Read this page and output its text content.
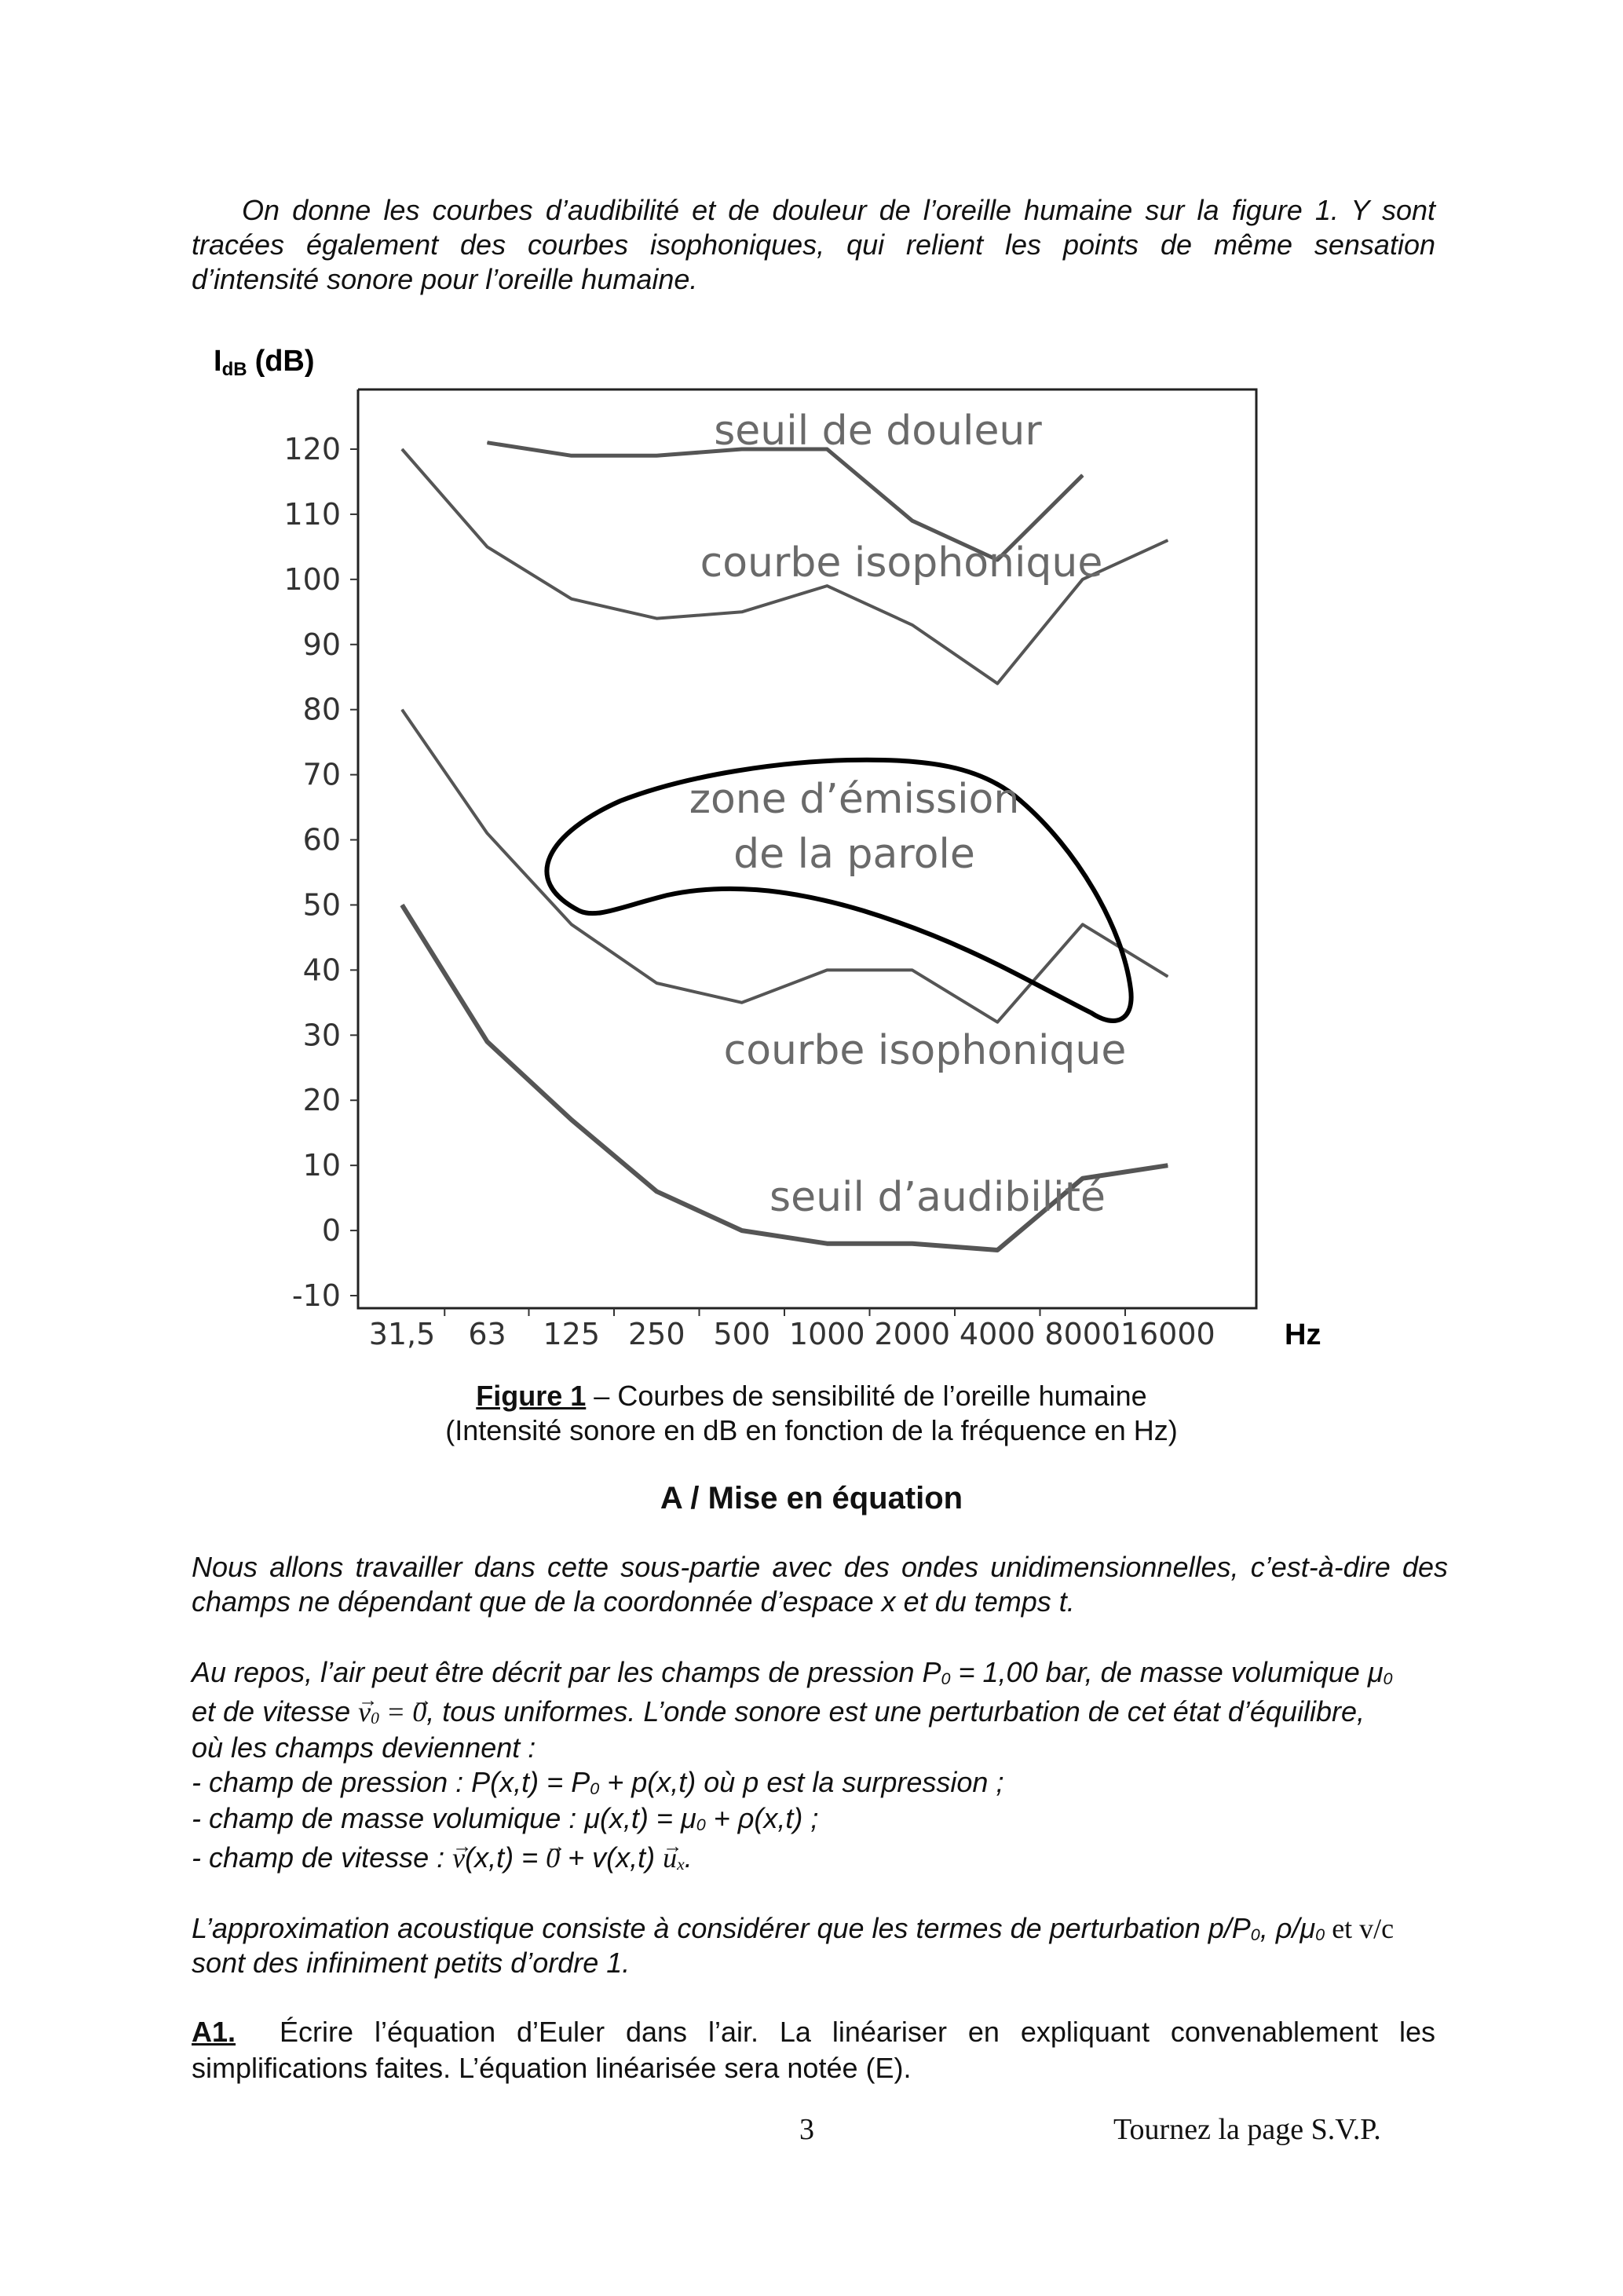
On donne les courbes d’audibilité et de douleur de l’oreille humaine sur la figure 1. Y sont
tracées également des courbes isophoniques, qui relient les points de même sensation
d’intensité sonore pour l’oreille humaine.
IdB (dB)
Hz
120
110
100
90
80
70
60
50
40
30
20
10
0
-10
31,5 63 125 250 500 1000 2000 4000 8000 16000
seuil de douleur
courbe isophonique
zone d’émission
de la parole
courbe isophonique
seuil d’audibilité
Figure 1 – Courbes de sensibilité de l’oreille humaine
(Intensité sonore en dB en fonction de la fréquence en Hz)
A / Mise en équation
Nous allons travailler dans cette sous-partie avec des ondes unidimensionnelles, c’est-à-dire des
champs ne dépendant que de la coordonnée d’espace x et du temps t.
Au repos, l’air peut être décrit par les champs de pression $P_0 = 1,00$ bar, de masse volumique $\mu_0$
et de vitesse → $v_0$ = → 0, tous uniformes. L’onde sonore est une perturbation de cet état d’équilibre,
où les champs deviennent :
- champ de pression : $P(x,t) = P_0 + p(x,t)$ où p est la surpression ;
- champ de masse volumique : $\mu(x,t) = \mu_0 + \rho(x,t)$ ;
- champ de vitesse : → v(x,t) = → $0 + v(x,t) \to u_x$.
L’approximation acoustique consiste à considérer que les termes de perturbation $p/P_0$, $\rho/\mu_0$ et v/c
sont des infiniment petits d’ordre 1.
A1. Écrire l’équation d’Euler dans l’air. La linéariser en expliquant convenablement les
simplifications faites. L’équation linéarisée sera notée (E).
3	Tournez la page S.V.P.
